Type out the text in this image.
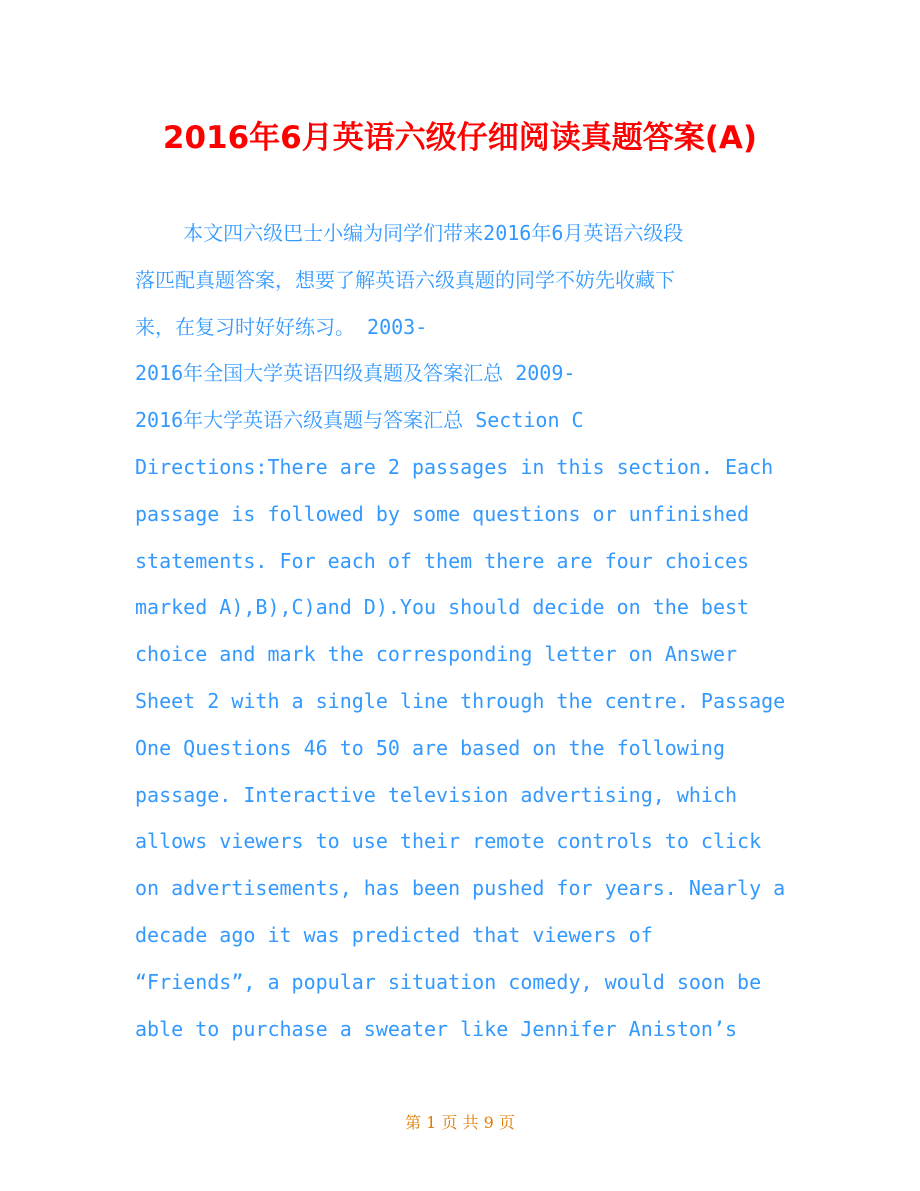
2016年6月英语六级仔细阅读真题答案(A)
本文四六级巴士小编为同学们带来2016年6月英语六级段
落匹配真题答案，想要了解英语六级真题的同学不妨先收藏下
来，在复习时好好练习。 2003-
2016年全国大学英语四级真题及答案汇总 2009-
2016年大学英语六级真题与答案汇总 Section C
Directions:There are 2 passages in this section. Each
passage is followed by some questions or unfinished
statements. For each of them there are four choices
marked A),B),C)and D).You should decide on the best
choice and mark the corresponding letter on Answer
Sheet 2 with a single line through the centre. Passage
One Questions 46 to 50 are based on the following
passage. Interactive television advertising, which
allows viewers to use their remote controls to click
on advertisements, has been pushed for years. Nearly a
decade ago it was predicted that viewers of
“Friends”, a popular situation comedy, would soon be
able to purchase a sweater like Jennifer Aniston’s
第 1 页 共 9 页
